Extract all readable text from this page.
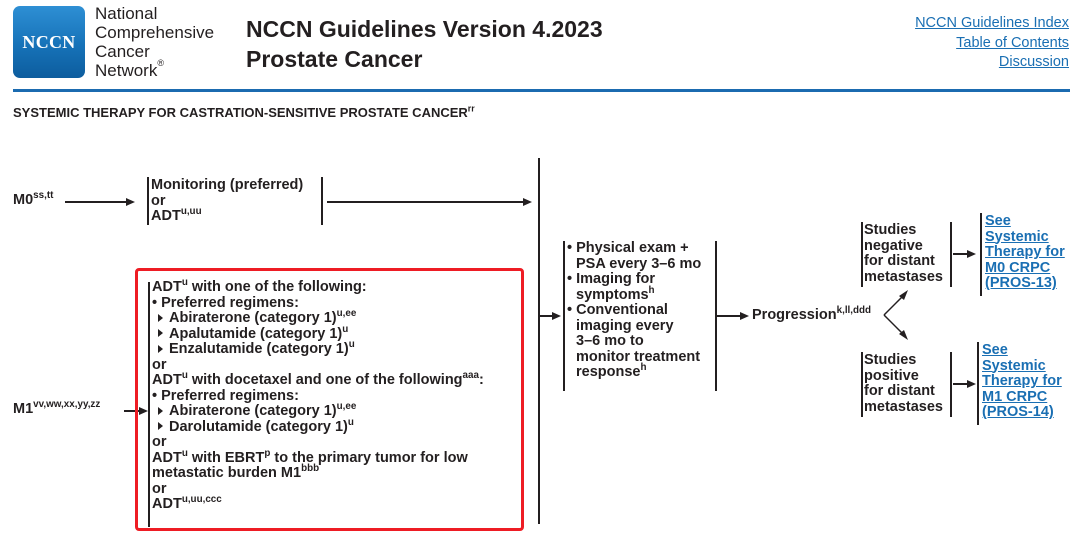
NCCN
National
Comprehensive
Cancer
Network®
NCCN Guidelines Version 4.2023
Prostate Cancer
NCCN Guidelines Index
Table of Contents
Discussion
SYSTEMIC THERAPY FOR CASTRATION-SENSITIVE PROSTATE $CANCER^{rr}$
$M0^{ss,tt}$
Monitoring (preferred)
or
$ADT^{u,uu}$
$M1^{vv,ww,xx,yy,zz}$
ADT$^u$ with one of the following:
• Preferred regimens:
Abiraterone (category 1)$^{u,ee}$
Apalutamide (category 1)$^u$
Enzalutamide (category 1)$^u$
or
ADT$^u$ with docetaxel and one of the following$^{aaa}$:
• Preferred regimens:
Abiraterone (category 1)$^{u,ee}$
Darolutamide (category 1)$^u$
or
ADT$^u$ with EBRT$^p$ to the primary tumor for low
metastatic burden $M1^{bbb}$
or
$ADT^{u,uu,ccc}$
• Physical exam +
PSA every 3–6 mo
• Imaging for
symptoms$^h$
• Conventional
imaging every
3–6 mo to
monitor treatment
response$^h$
Progression$^{k,ll,ddd}$
Studies
negative
for distant
metastases
See
Systemic
Therapy for
M0 CRPC
(PROS-13)
Studies
positive
for distant
metastases
See
Systemic
Therapy for
M1 CRPC
(PROS-14)
